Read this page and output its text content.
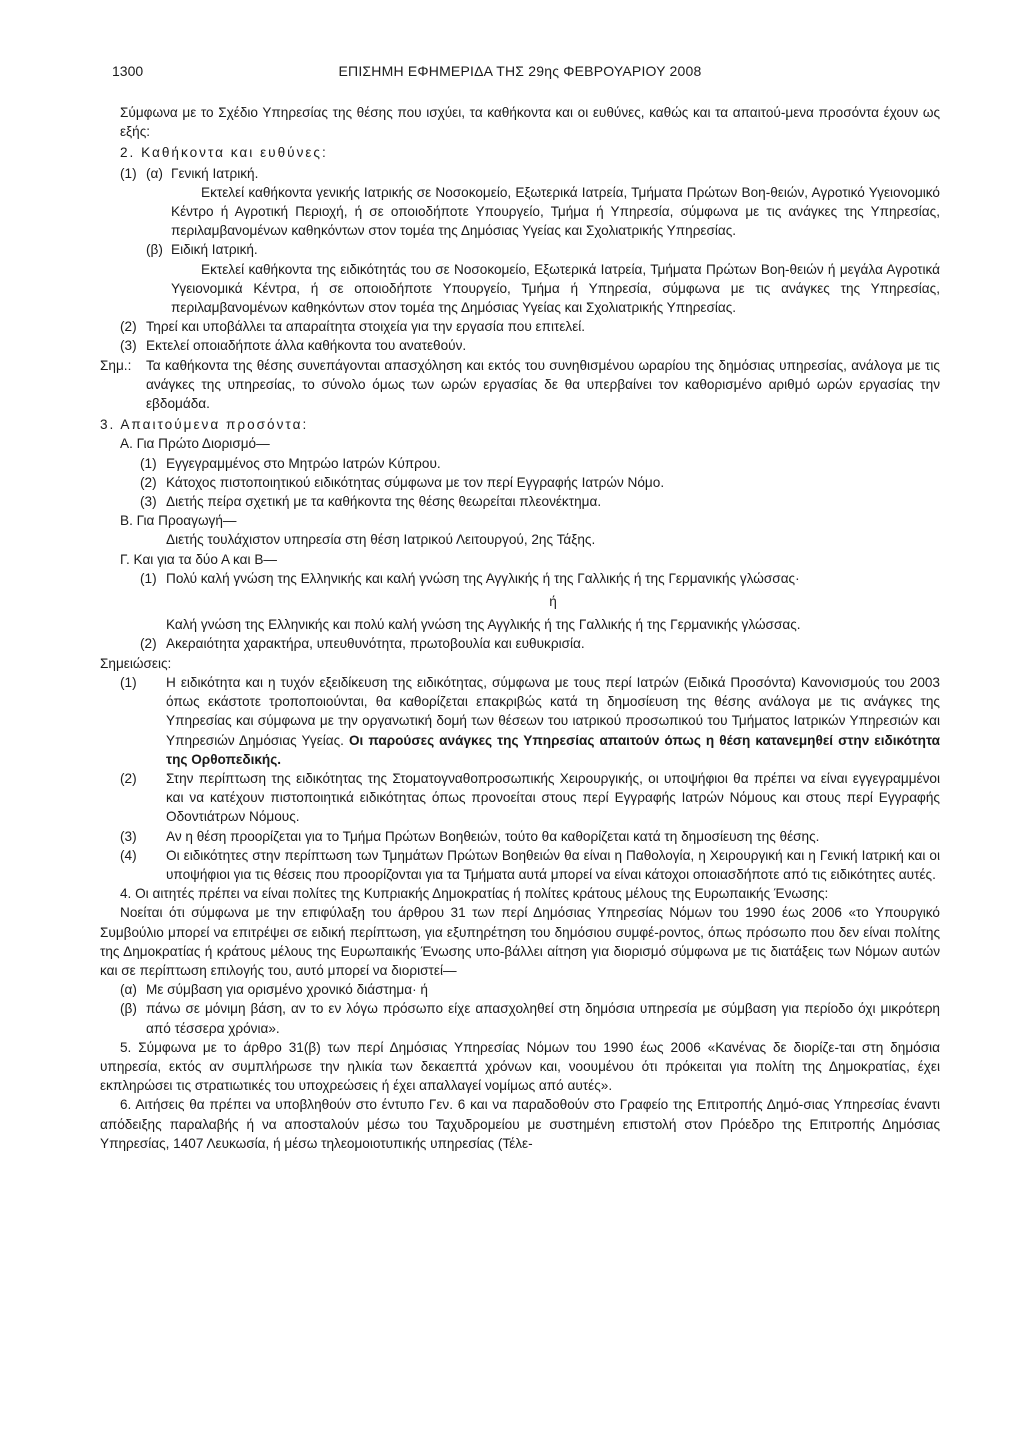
1300	ΕΠΙΣΗΜΗ ΕΦΗΜΕΡΙΔΑ ΤΗΣ 29ης ΦΕΒΡΟΥΑΡΙΟΥ 2008

Σύμφωνα με το Σχέδιο Υπηρεσίας της θέσης που ισχύει, τα καθήκοντα και οι ευθύνες, καθώς και τα απαιτού-μενα προσόντα έχουν ως εξής:

2. Καθήκοντα και ευθύνες:

(1) (α) Γενική Ιατρική.

Εκτελεί καθήκοντα γενικής Ιατρικής σε Νοσοκομείο, Εξωτερικά Ιατρεία, Τμήματα Πρώτων Βοη-θειών, Αγροτικό Υγειονομικό Κέντρο ή Αγροτική Περιοχή, ή σε οποιοδήποτε Υπουργείο, Τμήμα ή Υπηρεσία, σύμφωνα με τις ανάγκες της Υπηρεσίας, περιλαμβανομένων καθηκόντων στον τομέα της Δημόσιας Υγείας και Σχολιατρικής Υπηρεσίας.

(β) Ειδική Ιατρική.

Εκτελεί καθήκοντα της ειδικότητάς του σε Νοσοκομείο, Εξωτερικά Ιατρεία, Τμήματα Πρώτων Βοη-θειών ή μεγάλα Αγροτικά Υγειονομικά Κέντρα, ή σε οποιοδήποτε Υπουργείο, Τμήμα ή Υπηρεσία, σύμφωνα με τις ανάγκες της Υπηρεσίας, περιλαμβανομένων καθηκόντων στον τομέα της Δημόσιας Υγείας και Σχολιατρικής Υπηρεσίας.

(2) Τηρεί και υποβάλλει τα απαραίτητα στοιχεία για την εργασία που επιτελεί.
(3) Εκτελεί οποιαδήποτε άλλα καθήκοντα του ανατεθούν.
Σημ.: Τα καθήκοντα της θέσης συνεπάγονται απασχόληση και εκτός του συνηθισμένου ωραρίου της δημόσιας υπηρεσίας, ανάλογα με τις ανάγκες της υπηρεσίας, το σύνολο όμως των ωρών εργασίας δε θα υπερβαίνει τον καθορισμένο αριθμό ωρών εργασίας την εβδομάδα.

3. Απαιτούμενα προσόντα:

Α. Για Πρώτο Διορισμό—

(1) Εγγεγραμμένος στο Μητρώο Ιατρών Κύπρου.
(2) Κάτοχος πιστοποιητικού ειδικότητας σύμφωνα με τον περί Εγγραφής Ιατρών Νόμο.
(3) Διετής πείρα σχετική με τα καθήκοντα της θέσης θεωρείται πλεονέκτημα.

Β. Για Προαγωγή—

Διετής τουλάχιστον υπηρεσία στη θέση Ιατρικού Λειτουργού, 2ης Τάξης.

Γ. Και για τα δύο Α και Β—

(1) Πολύ καλή γνώση της Ελληνικής και καλή γνώση της Αγγλικής ή της Γαλλικής ή της Γερμανικής γλώσσας·

ή

Καλή γνώση της Ελληνικής και πολύ καλή γνώση της Αγγλικής ή της Γαλλικής ή της Γερμανικής γλώσσας.

(2) Ακεραιότητα χαρακτήρα, υπευθυνότητα, πρωτοβουλία και ευθυκρισία.

Σημειώσεις:

(1) Η ειδικότητα και η τυχόν εξειδίκευση της ειδικότητας, σύμφωνα με τους περί Ιατρών (Ειδικά Προσόντα) Κανονισμούς του 2003 όπως εκάστοτε τροποποιούνται, θα καθορίζεται επακριβώς κατά τη δημοσίευση της θέσης ανάλογα με τις ανάγκες της Υπηρεσίας και σύμφωνα με την οργανωτική δομή των θέσεων του ιατρικού προσωπικού του Τμήματος Ιατρικών Υπηρεσιών και Υπηρεσιών Δημόσιας Υγείας. Οι παρούσες ανάγκες της Υπηρεσίας απαιτούν όπως η θέση κατανεμηθεί στην ειδικότητα της Ορθοπεδικής.

(2) Στην περίπτωση της ειδικότητας της Στοματογναθοπροσωπικής Χειρουργικής, οι υποψήφιοι θα πρέπει να είναι εγγεγραμμένοι και να κατέχουν πιστοποιητικά ειδικότητας όπως προνοείται στους περί Εγγραφής Ιατρών Νόμους και στους περί Εγγραφής Οδοντιάτρων Νόμους.

(3) Αν η θέση προορίζεται για το Τμήμα Πρώτων Βοηθειών, τούτο θα καθορίζεται κατά τη δημοσίευση της θέσης.

(4) Οι ειδικότητες στην περίπτωση των Τμημάτων Πρώτων Βοηθειών θα είναι η Παθολογία, η Χειρουργική και η Γενική Ιατρική και οι υποψήφιοι για τις θέσεις που προορίζονται για τα Τμήματα αυτά μπορεί να είναι κάτοχοι οποιασδήποτε από τις ειδικότητες αυτές.

4. Οι αιτητές πρέπει να είναι πολίτες της Κυπριακής Δημοκρατίας ή πολίτες κράτους μέλους της Ευρωπαικής Ένωσης:

Νοείται ότι σύμφωνα με την επιφύλαξη του άρθρου 31 των περί Δημόσιας Υπηρεσίας Νόμων του 1990 έως 2006 «το Υπουργικό Συμβούλιο μπορεί να επιτρέψει σε ειδική περίπτωση, για εξυπηρέτηση του δημόσιου συμφέ-ροντος, όπως πρόσωπο που δεν είναι πολίτης της Δημοκρατίας ή κράτους μέλους της Ευρωπαικής Ένωσης υπο-βάλλει αίτηση για διορισμό σύμφωνα με τις διατάξεις των Νόμων αυτών και σε περίπτωση επιλογής του, αυτό μπορεί να διοριστεί—

(α) Με σύμβαση για ορισμένο χρονικό διάστημα· ή

(β) πάνω σε μόνιμη βάση, αν το εν λόγω πρόσωπο είχε απασχοληθεί στη δημόσια υπηρεσία με σύμβαση για περίοδο όχι μικρότερη από τέσσερα χρόνια».

5. Σύμφωνα με το άρθρο 31(β) των περί Δημόσιας Υπηρεσίας Νόμων του 1990 έως 2006 «Κανένας δε διορίζε-ται στη δημόσια υπηρεσία, εκτός αν συμπλήρωσε την ηλικία των δεκαεπτά χρόνων και, νοουμένου ότι πρόκειται για πολίτη της Δημοκρατίας, έχει εκπληρώσει τις στρατιωτικές του υποχρεώσεις ή έχει απαλλαγεί νομίμως από αυτές».

6. Αιτήσεις θα πρέπει να υποβληθούν στο έντυπο Γεν. 6 και να παραδοθούν στο Γραφείο της Επιτροπής Δημό-σιας Υπηρεσίας έναντι απόδειξης παραλαβής ή να αποσταλούν μέσω του Ταχυδρομείου με συστημένη επιστολή στον Πρόεδρο της Επιτροπής Δημόσιας Υπηρεσίας, 1407 Λευκωσία, ή μέσω τηλεομοιοτυπικής υπηρεσίας (Τέλε-
